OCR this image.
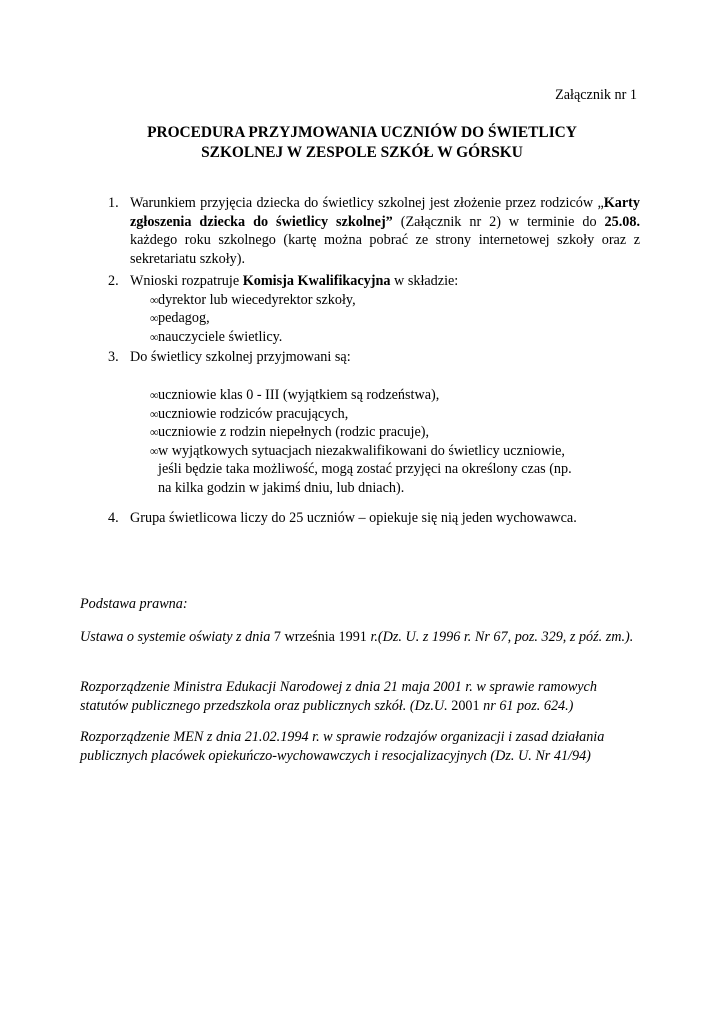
Załącznik nr 1
PROCEDURA PRZYJMOWANIA UCZNIÓW DO ŚWIETLICY
SZKOLNEJ W ZESPOLE SZKÓŁ W GÓRSKU
1. Warunkiem przyjęcia dziecka do świetlicy szkolnej jest złożenie przez rodziców „Karty zgłoszenia dziecka do świetlicy szkolnej” (Załącznik nr 2) w terminie do 25.08. każdego roku szkolnego (kartę można pobrać ze strony internetowej szkoły oraz z sekretariatu szkoły).
2. Wnioski rozpatruje Komisja Kwalifikacyjna w składzie:
∞ dyrektor lub wiecedyrektor szkoły,
∞ pedagog,
∞ nauczyciele świetlicy.
3. Do świetlicy szkolnej przyjmowani są:
∞ uczniowie klas 0 - III (wyjątkiem są rodzeństwa),
∞ uczniowie rodziców pracujących,
∞ uczniowie z rodzin niepełnych (rodzic pracuje),
∞ w wyjątkowych sytuacjach niezakwalifikowani do świetlicy uczniowie, jeśli będzie taka możliwość, mogą zostać przyjęci na określony czas (np. na kilka godzin w jakimś dniu, lub dniach).
4. Grupa świetlicowa liczy do 25 uczniów – opiekuje się nią jeden wychowawca.
Podstawa prawna:
Ustawa o systemie oświaty z dnia 7 września 1991 r.(Dz. U. z 1996 r. Nr 67, poz. 329, z póź. zm.).
Rozporządzenie Ministra Edukacji Narodowej z dnia 21 maja 2001 r. w sprawie ramowych statutów publicznego przedszkola oraz publicznych szkół. (Dz.U. 2001 nr 61 poz. 624.)
Rozporządzenie MEN z dnia 21.02.1994 r. w sprawie rodzajów organizacji i zasad działania publicznych placówek opiekuńczo-wychowawczych i resocjalizacyjnych (Dz. U. Nr 41/94)
